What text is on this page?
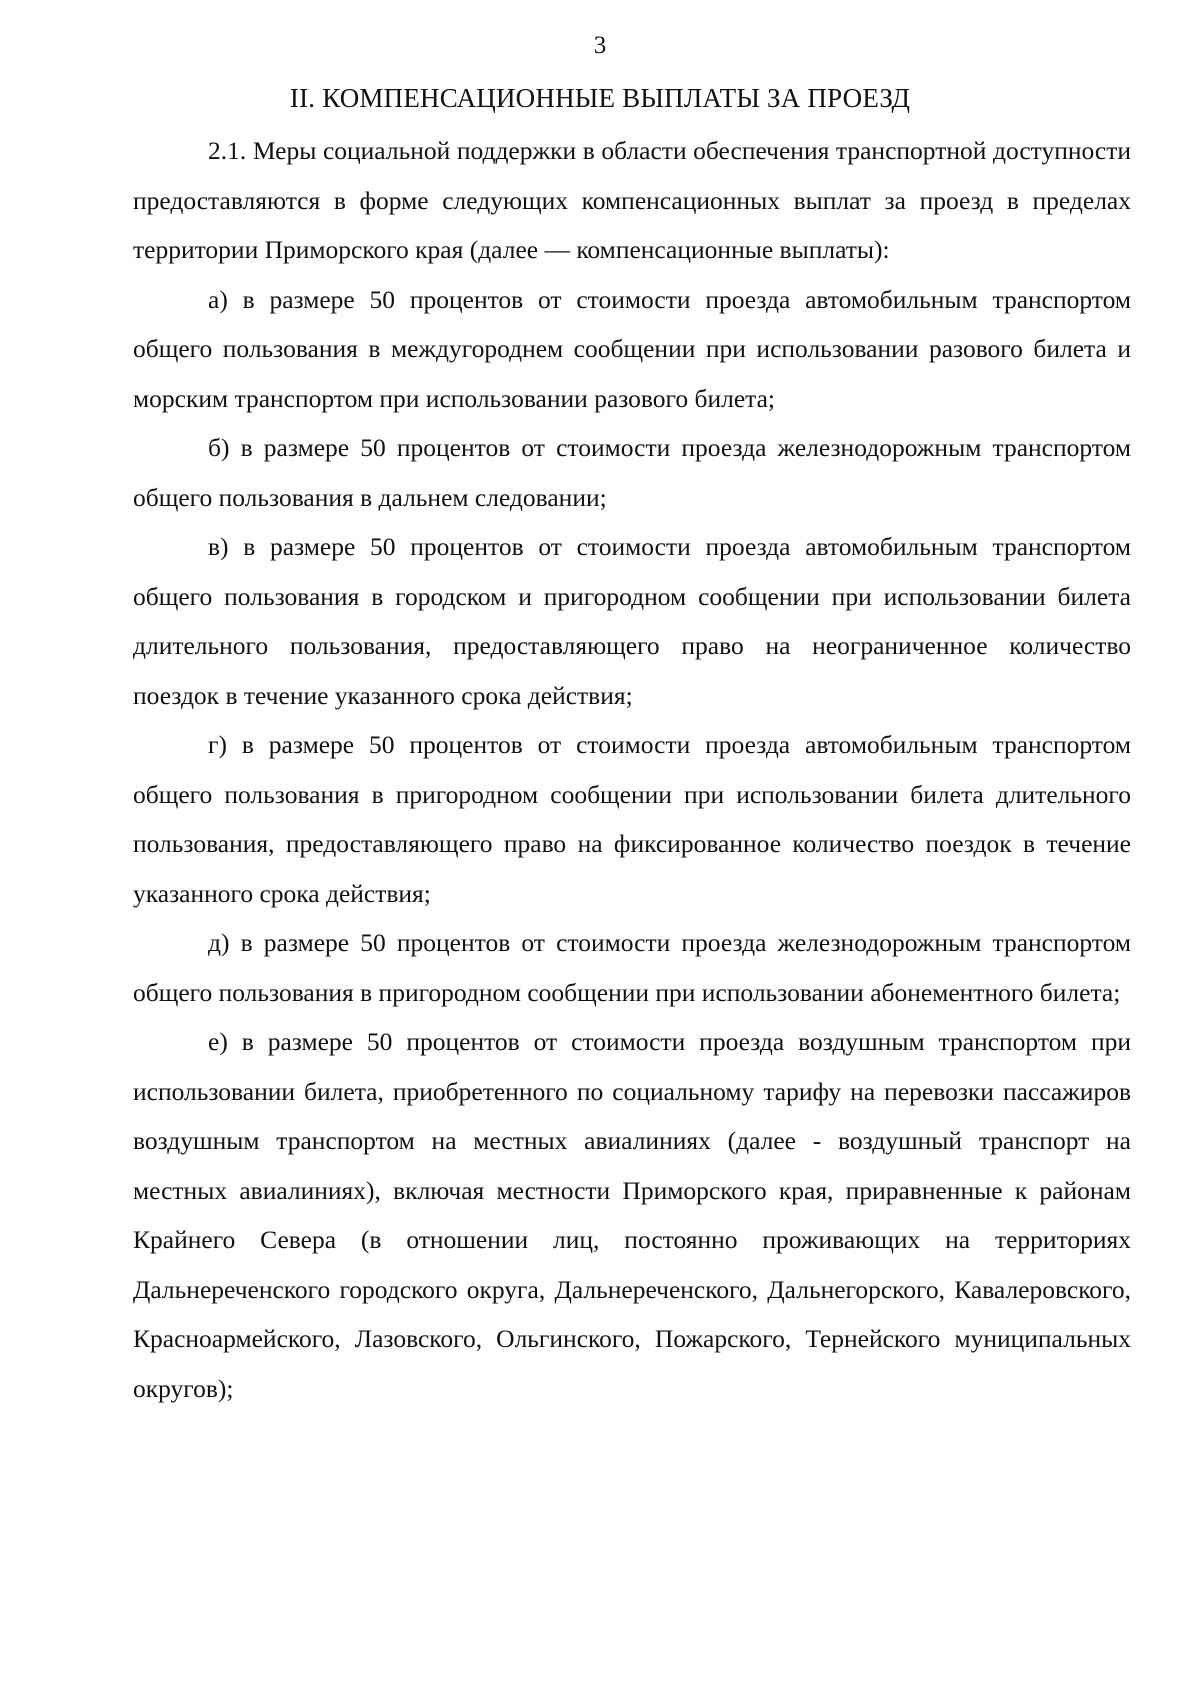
3
II. КОМПЕНСАЦИОННЫЕ ВЫПЛАТЫ ЗА ПРОЕЗД

2.1. Меры социальной поддержки в области обеспечения транспортной доступности предоставляются в форме следующих компенсационных выплат за проезд в пределах территории Приморского края (далее — компенсационные выплаты):

а) в размере 50 процентов от стоимости проезда автомобильным транспортом общего пользования в междугороднем сообщении при использовании разового билета и морским транспортом при использовании разового билета;

б) в размере 50 процентов от стоимости проезда железнодорожным транспортом общего пользования в дальнем следовании;

в) в размере 50 процентов от стоимости проезда автомобильным транспортом общего пользования в городском и пригородном сообщении при использовании билета длительного пользования, предоставляющего право на неограниченное количество поездок в течение указанного срока действия;

г) в размере 50 процентов от стоимости проезда автомобильным транспортом общего пользования в пригородном сообщении при использовании билета длительного пользования, предоставляющего право на фиксированное количество поездок в течение указанного срока действия;

д) в размере 50 процентов от стоимости проезда железнодорожным транспортом общего пользования в пригородном сообщении при использовании абонементного билета;

е) в размере 50 процентов от стоимости проезда воздушным транспортом при использовании билета, приобретенного по социальному тарифу на перевозки пассажиров воздушным транспортом на местных авиалиниях (далее - воздушный транспорт на местных авиалиниях), включая местности Приморского края, приравненные к районам Крайнего Севера (в отношении лиц, постоянно проживающих на территориях Дальнереченского городского округа, Дальнереченского, Дальнегорского, Кавалеровского, Красноармейского, Лазовского, Ольгинского, Пожарского, Тернейского муниципальных округов);
